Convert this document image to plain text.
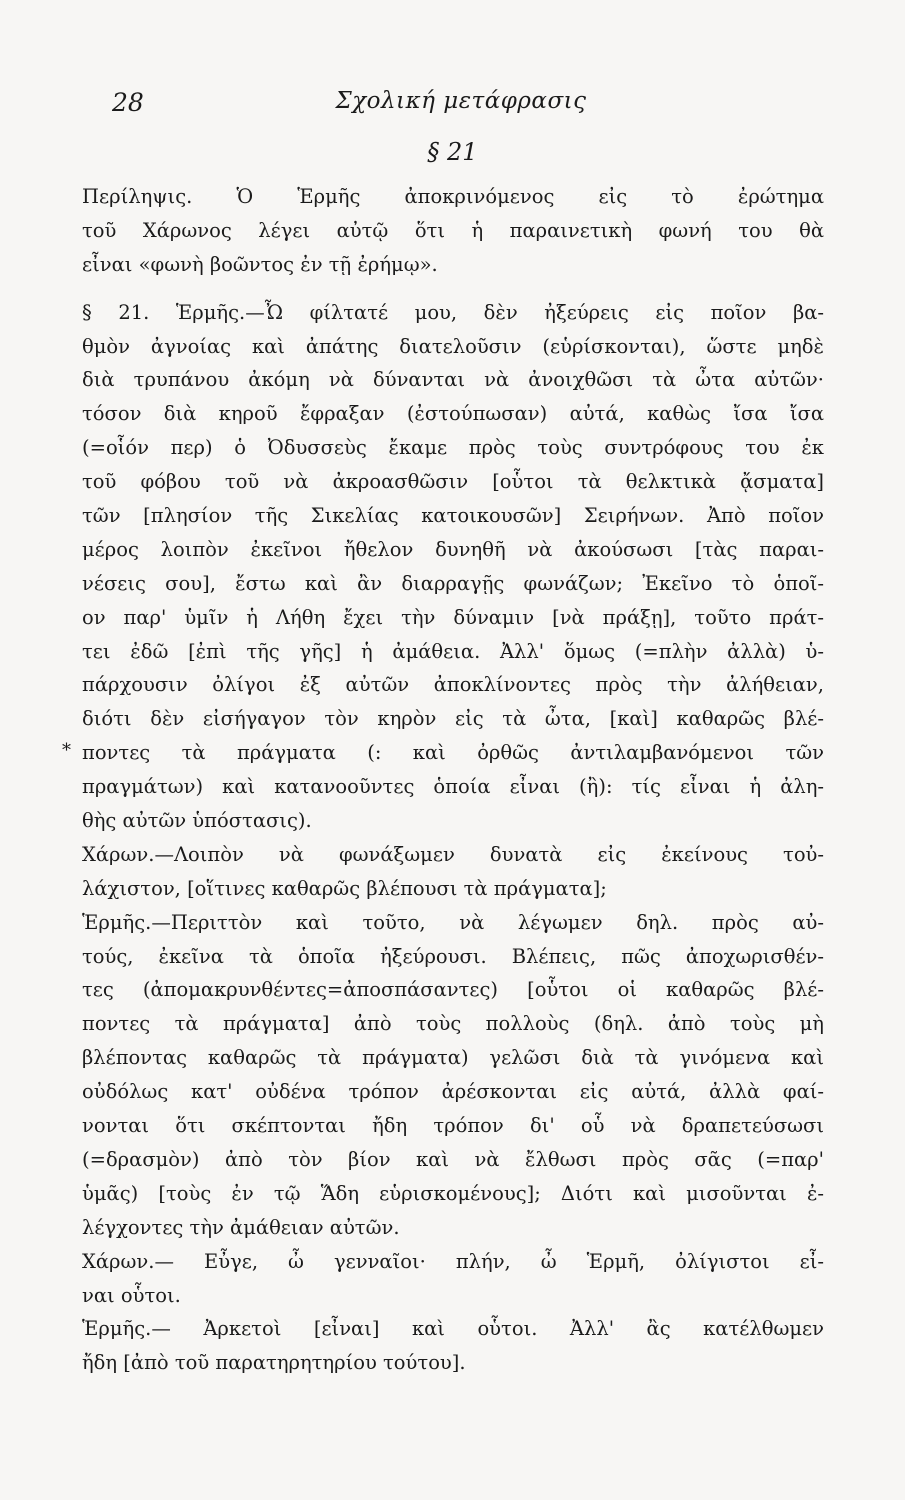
28	Σχολική μετάφρασις
§ 21
*
Περίληψις. Ὁ Ἑρμῆς ἀποκρινόμενος εἰς τὸ ἐρώτημα
τοῦ Χάρωνος λέγει αὐτῷ ὅτι ἡ παραινετικὴ φωνή του θὰ
εἶναι «φωνὴ βοῶντος ἐν τῇ ἐρήμῳ».
§ 21. Ἑρμῆς.—Ὦ φίλτατέ μου, δὲν ἠξεύρεις εἰς ποῖον βα-
θμὸν ἀγνοίας καὶ ἀπάτης διατελοῦσιν (εὑρίσκονται), ὥστε μηδὲ
διὰ τρυπάνου ἀκόμη νὰ δύνανται νὰ ἀνοιχθῶσι τὰ ὦτα αὐτῶν·
τόσον διὰ κηροῦ ἔφραξαν (ἐστούπωσαν) αὐτά, καθὼς ἴσα ἴσα
(=οἷόν περ) ὁ Ὀδυσσεὺς ἔκαμε πρὸς τοὺς συντρόφους του ἐκ
τοῦ φόβου τοῦ νὰ ἀκροασθῶσιν [οὗτοι τὰ θελκτικὰ ᾄσματα]
τῶν [πλησίον τῆς Σικελίας κατοικουσῶν] Σειρήνων. Ἀπὸ ποῖον
μέρος λοιπὸν ἐκεῖνοι ἤθελον δυνηθῆ νὰ ἀκούσωσι [τὰς παραι-
νέσεις σου], ἔστω καὶ ἂν διαρραγῇς φωνάζων; Ἐκεῖνο τὸ ὁποῖ-
ον παρ' ὑμῖν ἡ Λήθη ἔχει τὴν δύναμιν [νὰ πράξῃ], τοῦτο πράτ-
τει ἐδῶ [ἐπὶ τῆς γῆς] ἡ ἀμάθεια. Ἀλλ' ὅμως (=πλὴν ἀλλὰ) ὑ-
πάρχουσιν ὀλίγοι ἐξ αὐτῶν ἀποκλίνοντες πρὸς τὴν ἀλήθειαν,
διότι δὲν εἰσήγαγον τὸν κηρὸν εἰς τὰ ὦτα, [καὶ] καθαρῶς βλέ-
ποντες τὰ πράγματα (: καὶ ὀρθῶς ἀντιλαμβανόμενοι τῶν
πραγμάτων) καὶ κατανοοῦντες ὁποία εἶναι (ἢ): τίς εἶναι ἡ ἀλη-
θὴς αὐτῶν ὑπόστασις).
Χάρων.—Λοιπὸν νὰ φωνάξωμεν δυνατὰ εἰς ἐκείνους τοὐ-
λάχιστον, [οἵτινες καθαρῶς βλέπουσι τὰ πράγματα];
Ἑρμῆς.—Περιττὸν καὶ τοῦτο, νὰ λέγωμεν δηλ. πρὸς αὐ-
τούς, ἐκεῖνα τὰ ὁποῖα ἠξεύρουσι. Βλέπεις, πῶς ἀποχωρισθέν-
τες (ἀπομακρυνθέντες=ἀποσπάσαντες) [οὗτοι οἱ καθαρῶς βλέ-
ποντες τὰ πράγματα] ἀπὸ τοὺς πολλοὺς (δηλ. ἀπὸ τοὺς μὴ
βλέποντας καθαρῶς τὰ πράγματα) γελῶσι διὰ τὰ γινόμενα καὶ
οὐδόλως κατ' οὐδένα τρόπον ἀρέσκονται εἰς αὐτά, ἀλλὰ φαί-
νονται ὅτι σκέπτονται ἤδη τρόπον δι' οὗ νὰ δραπετεύσωσι
(=δρασμὸν) ἀπὸ τὸν βίον καὶ νὰ ἔλθωσι πρὸς σᾶς (=παρ'
ὑμᾶς) [τοὺς ἐν τῷ Ἅδη εὑρισκομένους]; Διότι καὶ μισοῦνται ἐ-
λέγχοντες τὴν ἀμάθειαν αὐτῶν.
Χάρων.— Εὖγε, ὦ γενναῖοι· πλήν, ὦ Ἑρμῆ, ὀλίγιστοι εἶ-
ναι οὗτοι.
Ἑρμῆς.— Ἀρκετοὶ [εἶναι] καὶ οὗτοι. Ἀλλ' ἂς κατέλθωμεν
ἤδη [ἀπὸ τοῦ παρατηρητηρίου τούτου].
